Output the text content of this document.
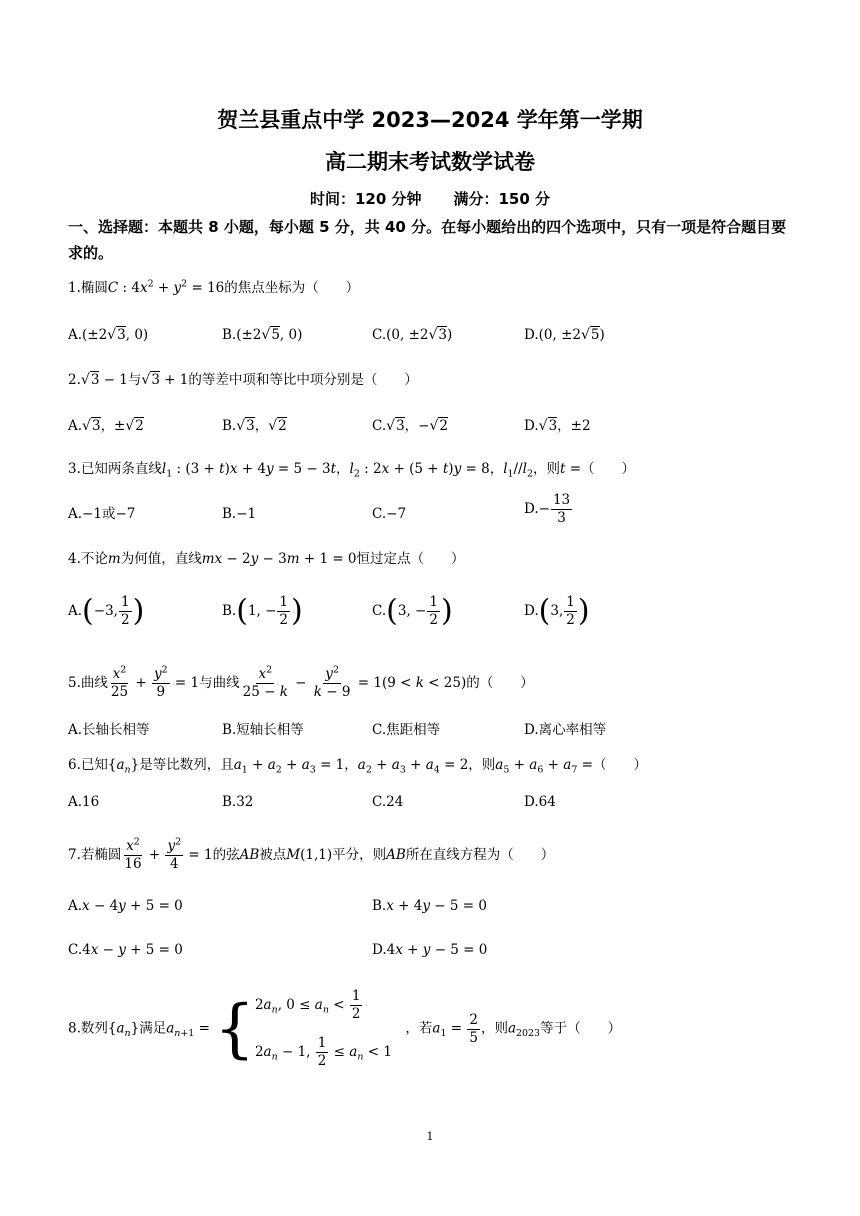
贺兰县重点中学 2023—2024 学年第一学期
高二期末考试数学试卷
时间：120 分钟 满分：150 分
一、选择题：本题共 8 小题，每小题 5 分，共 40 分。在每小题给出的四个选项中，只有一项是符合题目要求的。
1.椭圆C : $4x^2 + y^2 = 16$的焦点坐标为（　　）
A.(±2√3, 0)	B.(±2√5, 0)	C.(0, ±2√3)	D.(0, ±2√5)
2.√3 − 1与√3 + 1的等差中项和等比中项分别是（　　）
A.√3，±√2	B.√3，√2	C.√3，−√2	D.√3，±2
3.已知两条直线$l_1$ : (3 + t)x + 4y = 5 − 3t，$l_2$ : 2x + (5 + t)y = 8，$l_1//l_2$，则t =（　　）
A.−1或−7	B.−1	C.−7	$D.- \frac{13}{3}$
4.不论m为何值，直线mx − 2y − 3m + 1 = 0恒过定点（　　）
A.(−3, $\frac{1}{2}$ )	B.(1, − $\frac{1}{2}$ )	C.(3, − $\frac{1}{2}$ )	D.(3, $\frac{1}{2}$ )
5.曲线 $\frac{x^2}{25} + \frac{y^2}{9} = 1$与曲线 $\frac{x^2}{25 - k} - \frac{y^2}{k - 9} = 1(9 < k < 25)$的（　　）
A.长轴长相等	B.短轴长相等	C.焦距相等	D.离心率相等
6.已知$\{a_n\}$是等比数列，且$a_1 + a_2 + a_3 = 1$，$a_2 + a_3 + a_4 = 2$，则$a_5 + a_6 + a_7$ =（　　）
A.16	B.32	C.24	D.64
7.若椭圆 $\frac{x^2}{16} + \frac{y^2}{4} = 1$的弦AB被点M(1,1)平分，则AB所在直线方程为（　　）
A.x − 4y + 5 = 0	B.x + 4y − 5 = 0
C.4x − y + 5 = 0	D.4x + y − 5 = 0
8.数列$\{a_n\}$满足$a_{n+1}$ = { $2a_n$, $0 \le a_n < \frac{1}{2}$
$2a_n - 1$, $\frac{1}{2} \le a_n < 1$
　，若$a_1 = \frac{2}{5}$ ，则$a_{2023}$等于（　　）
1
